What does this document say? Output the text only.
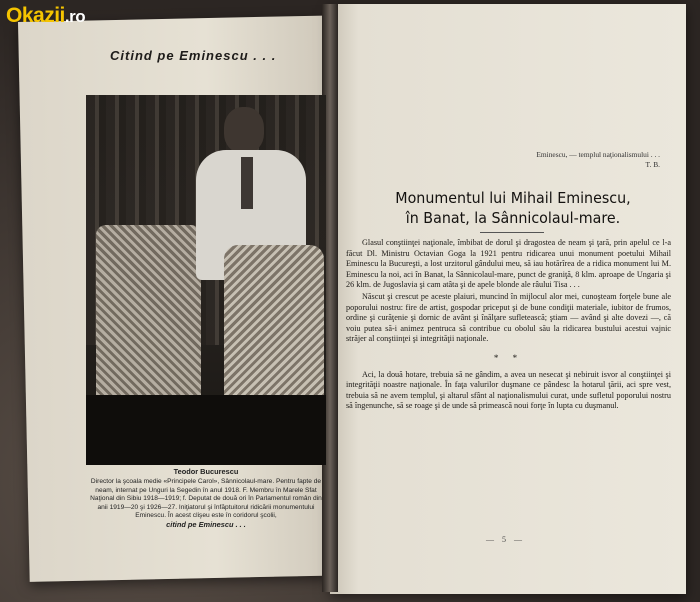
Okazii.ro
Citind pe Eminescu . . .
Teodor Bucurescu
Director la şcoala medie «Principele Carol», Sânnicolaul-mare. Pentru fapte de neam, internat pe Unguri la Segedin în anul 1918. F. Membru în Marele Sfat Naţional din Sibiu 1918—1919; f. Deputat de două ori în Parlamentul român din anii 1919—20 şi 1926—27. Iniţiatorul şi înfăptuitorul ridicării monumentului Eminescu. În acest clişeu este în coridorul şcolii,
citind pe Eminescu . . .
Eminescu, — templul naţionalismului . . .
T. B.
Monumentul lui Mihail Eminescu,
în Banat, la Sânnicolaul-mare.

Glasul conştiinţei naţionale, îmbibat de dorul şi dragostea de neam şi ţară, prin apelul ce l-a făcut Dl. Ministru Octavian Goga la 1921 pentru ridicarea unui monument poetului Mihail Eminescu la Bucureşti, a lost urzitorul gândului meu, să iau hotărîrea de a ridica monument lui M. Eminescu la noi, aci în Banat, la Sânnicolaul-mare, punct de graniţă, 8 klm. aproape de Ungaria şi 26 klm. de Jugoslavia şi cam atâta şi de apele blonde ale râului Tisa . . .

Născut şi crescut pe aceste plaiuri, muncind în mijlocul alor mei, cunoşteam forţele bune ale poporului nostru: fire de artist, gospodar priceput şi de bune condiţii materiale, iubitor de frumos, ordine şi curăţenie şi dornic de avânt şi înălţare sufletească; ştiam — având şi alte dovezi —, că voiu putea să-i animez pentruca să contribue cu obolul său la ridicarea bustului acestui vajnic străjer al conştiinţei şi integrităţii naţionale.

* *

Aci, la două hotare, trebuia să ne gândim, a avea un nesecat şi nebiruit isvor al conştiinţei şi integrităţii noastre naţionale. În faţa valurilor duşmane ce pândesc la hotarul ţării, aci spre vest, trebuia să ne avem templul, şi altarul sfânt al naţionalismului curat, unde sufletul poporului nostru să îngenunche, să se roage şi de unde să primească noui forţe în lupta cu duşmanul.

— 5 —
